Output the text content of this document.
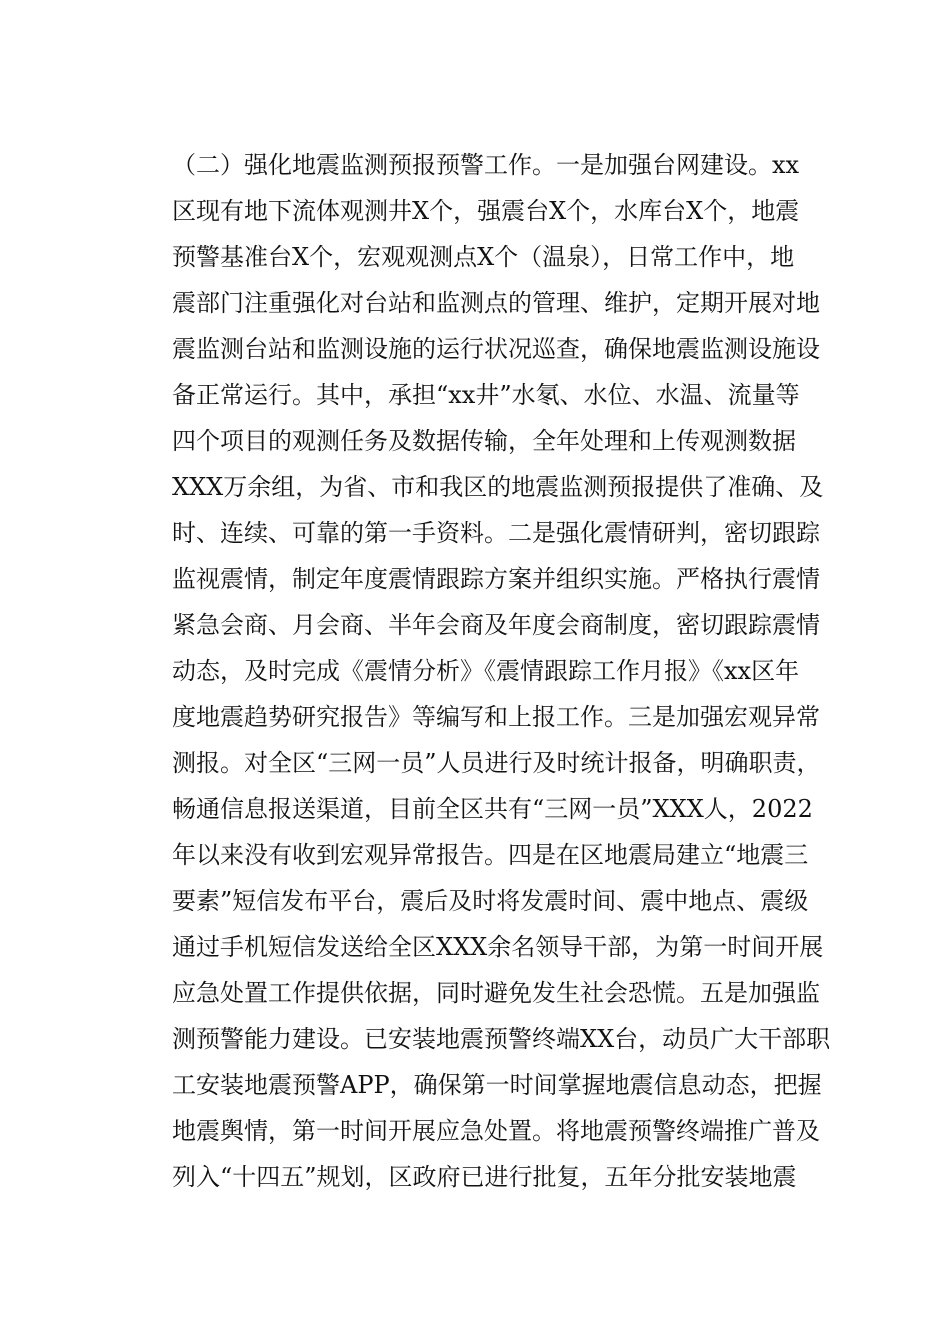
（二）强化地震监测预报预警工作。一是加强台网建设。xx
区现有地下流体观测井X个，强震台X个，水库台X个，地震
预警基准台X个，宏观观测点X个（温泉），日常工作中，地
震部门注重强化对台站和监测点的管理、维护，定期开展对地
震监测台站和监测设施的运行状况巡查，确保地震监测设施设
备正常运行。其中，承担“xx井”水氡、水位、水温、流量等
四个项目的观测任务及数据传输，全年处理和上传观测数据
XXX万余组，为省、市和我区的地震监测预报提供了准确、及
时、连续、可靠的第一手资料。二是强化震情研判，密切跟踪
监视震情，制定年度震情跟踪方案并组织实施。严格执行震情
紧急会商、月会商、半年会商及年度会商制度，密切跟踪震情
动态，及时完成《震情分析》《震情跟踪工作月报》《xx区年
度地震趋势研究报告》等编写和上报工作。三是加强宏观异常
测报。对全区“三网一员”人员进行及时统计报备，明确职责，
畅通信息报送渠道，目前全区共有“三网一员”XXX人，2022
年以来没有收到宏观异常报告。四是在区地震局建立“地震三
要素”短信发布平台，震后及时将发震时间、震中地点、震级
通过手机短信发送给全区XXX余名领导干部，为第一时间开展
应急处置工作提供依据，同时避免发生社会恐慌。五是加强监
测预警能力建设。已安装地震预警终端XX台，动员广大干部职
工安装地震预警APP，确保第一时间掌握地震信息动态，把握
地震舆情，第一时间开展应急处置。将地震预警终端推广普及
列入“十四五”规划，区政府已进行批复，五年分批安装地震
